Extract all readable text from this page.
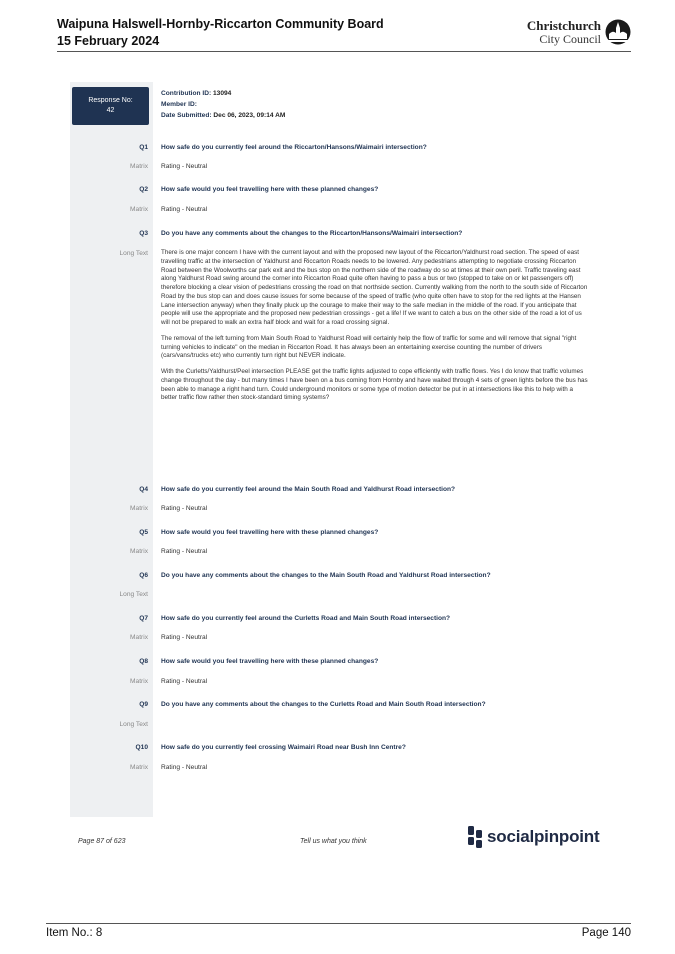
Waipuna Halswell-Hornby-Riccarton Community Board
15 February 2024
Christchurch
City Council
Response No:
42
Contribution ID: 13094
Member ID:
Date Submitted: Dec 06, 2023, 09:14 AM
Q1 How safe do you currently feel around the Riccarton/Hansons/Waimairi intersection?
Matrix Rating - Neutral
Q2 How safe would you feel travelling here with these planned changes?
Matrix Rating - Neutral
Q3 Do you have any comments about the changes to the Riccarton/Hansons/Waimairi intersection?
Long Text There is one major concern I have with the current layout and with the proposed new layout of the Riccarton/Yaldhurst road section. The speed of east travelling traffic at the intersection of Yaldhurst and Riccarton Roads needs to be lowered. Any pedestrians attempting to negotiate crossing Riccarton Road between the Woolworths car park exit and the bus stop on the northern side of the roadway do so at times at their own peril. Traffic traveling east along Yaldhurst Road swing around the corner into Riccarton Road quite often having to pass a bus or two (stopped to take on or let passengers off) therefore blocking a clear vision of pedestrians crossing the road on that northside section. Currently walking from the north to the south side of Riccarton Road by the bus stop can and does cause issues for some because of the speed of traffic (who quite often have to stop for the red lights at the Hansen Lane intersection anyway) when they finally pluck up the courage to make their way to the safe median in the middle of the road. If you anticipate that people will use the appropriate and the proposed new pedestrian crossings - get a life! If we want to catch a bus on the other side of the road a lot of us will not be prepared to walk an extra half block and wait for a road crossing signal.

The removal of the left turning from Main South Road to Yaldhurst Road will certainly help the flow of traffic for some and will remove that signal "right turning vehicles to indicate" on the median in Riccarton Road. It has always been an entertaining exercise counting the number of drivers (cars/vans/trucks etc) who currently turn right but NEVER indicate.

With the Curletts/Yaldhurst/Peel intersection PLEASE get the traffic lights adjusted to cope efficiently with traffic flows. Yes I do know that traffic volumes change throughout the day - but many times I have been on a bus coming from Hornby and have waited through 4 sets of green lights before the bus has been able to manage a right hand turn. Could underground monitors or some type of motion detector be put in at intersections like this to help with a better traffic flow rather then stock-standard timing systems?

Q4 How safe do you currently feel around the Main South Road and Yaldhurst Road intersection?
Matrix Rating - Neutral
Q5 How safe would you feel travelling here with these planned changes?
Matrix Rating - Neutral
Q6 Do you have any comments about the changes to the Main South Road and Yaldhurst Road intersection?
Long Text
Q7 How safe do you currently feel around the Curletts Road and Main South Road intersection?
Matrix Rating - Neutral
Q8 How safe would you feel travelling here with these planned changes?
Matrix Rating - Neutral
Q9 Do you have any comments about the changes to the Curletts Road and Main South Road intersection?
Long Text
Q10 How safe do you currently feel crossing Waimairi Road near Bush Inn Centre?
Matrix Rating - Neutral
Page 87 of 623	Tell us what you think	socialpinpoint
Item No.: 8	Page 140
